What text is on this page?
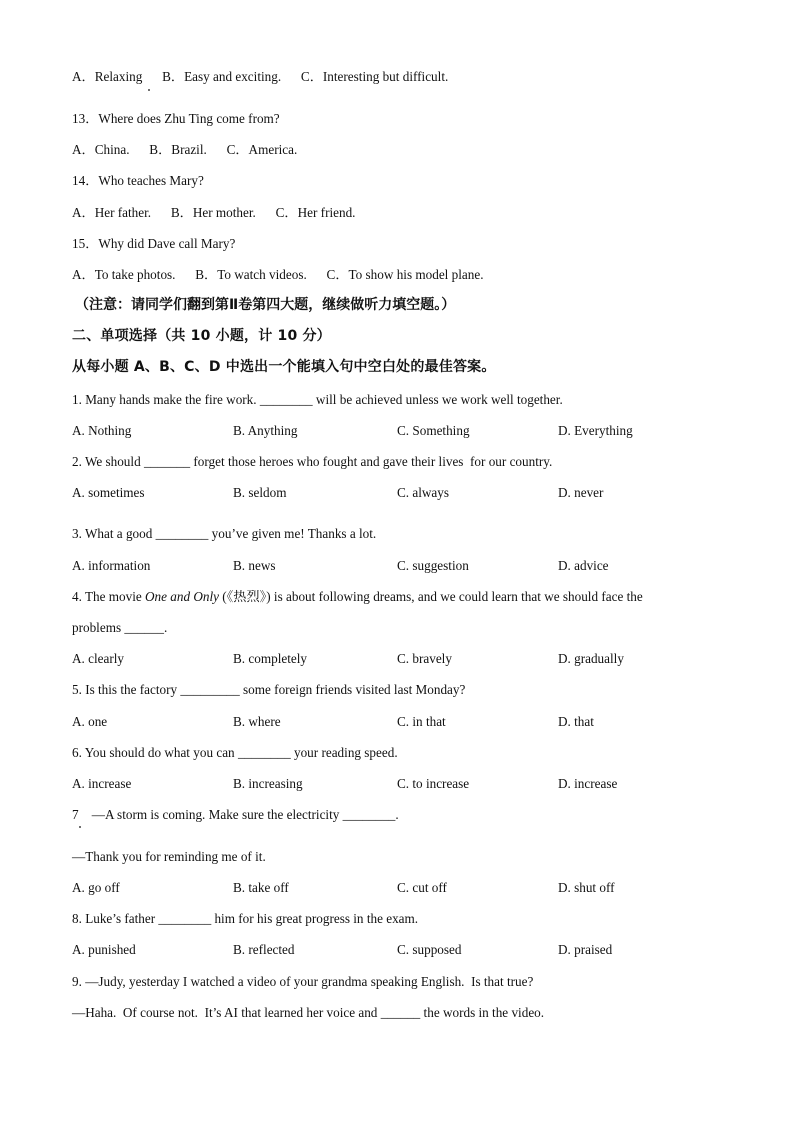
A．Relaxing      B．Easy and exciting.      C．Interesting but difficult.
13．Where does Zhu Ting come from?
A．China.      B．Brazil.      C．America.
14．Who teaches Mary?
A．Her father.      B．Her mother.      C．Her friend.
15．Why did Dave call Mary?
A．To take photos.      B．To watch videos.      C．To show his model plane.
（注意：请同学们翻到第Ⅱ卷第四大题，继续做听力填空题。）
二、单项选择（共 10 小题，计 10 分）
从每小题 A、B、C、D 中选出一个能填入句中空白处的最佳答案。
1. Many hands make the fire work. ________ will be achieved unless we work well together.
A. Nothing	B. Anything	C. Something	D. Everything
2. We should _______ forget those heroes who fought and gave their lives  for our country.
A. sometimes	B. seldom	C. always	D. never
3. What a good ________ you’ve given me! Thanks a lot.
A. information	B. news	C. suggestion	D. advice
4. The movie One and Only (《热烈》) is about following dreams, and we could learn that we should face the
problems ______.
A. clearly	B. completely	C. bravely	D. gradually
5. Is this the factory _________ some foreign friends visited last Monday?
A. one	B. where	C. in that	D. that
6. You should do what you can ________ your reading speed.
A. increase	B. increasing	C. to increase	D. increase
7    —A storm is coming. Make sure the electricity ________.
—Thank you for reminding me of it.
A. go off	B. take off	C. cut off	D. shut off
8. Luke’s father ________ him for his great progress in the exam.
A. punished	B. reflected	C. supposed	D. praised
9. —Judy, yesterday I watched a video of your grandma speaking English.  Is that true?
—Haha.  Of course not.  It’s AI that learned her voice and ______ the words in the video.
